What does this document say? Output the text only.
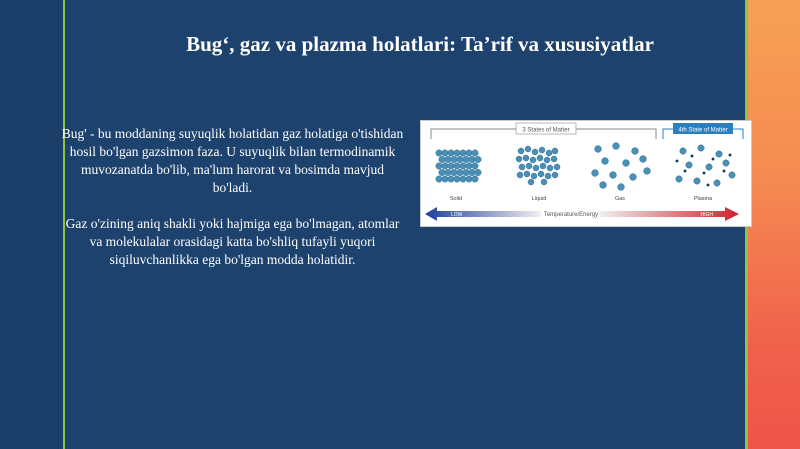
Bug‘, gaz va plazma holatlari: Ta’rif va xususiyatlar

Bug' - bu moddaning suyuqlik holatidan gaz holatiga o'tishidan hosil bo'lgan gazsimon faza. U suyuqlik bilan termodinamik muvozanatda bo'lib, ma'lum harorat va bosimda mavjud bo'ladi.

Gaz o'zining aniq shakli yoki hajmiga ega bo'lmagan, atomlar va molekulalar orasidagi katta bo'shliq tufayli yuqori siqiluvchanlikka ega bo'lgan modda holatidir.

3 States of Matter	4th State of Matter
Solid	Liquid	Gas	Plasma
LOW	HIGH
Temperature/Energy
